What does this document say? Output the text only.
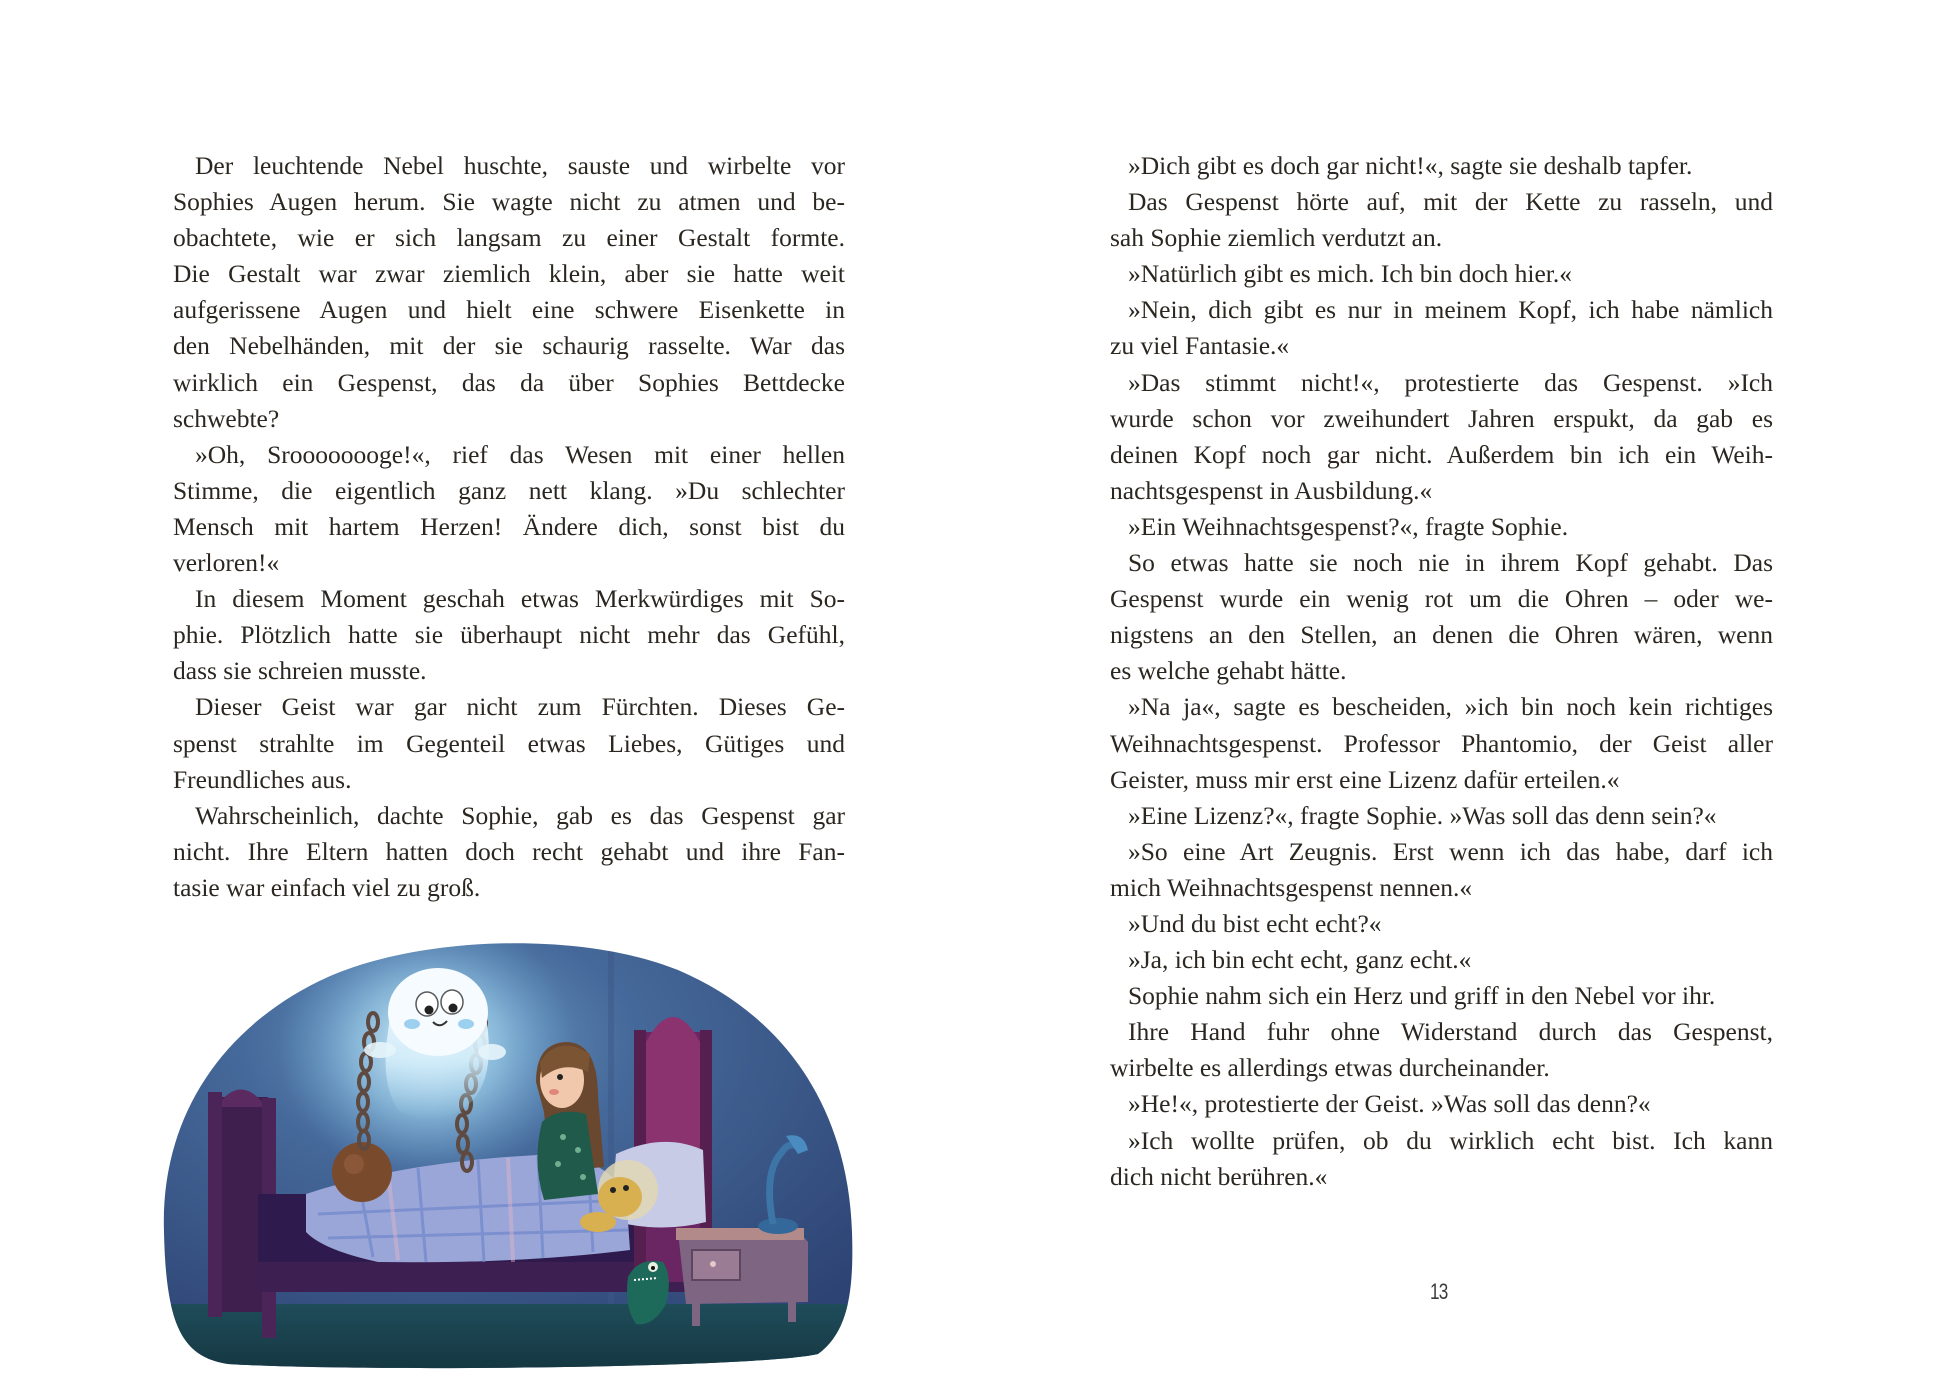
Der leuchtende Nebel huschte, sauste und wirbelte vor
Sophies Augen herum. Sie wagte nicht zu atmen und be-
obachtete, wie er sich langsam zu einer Gestalt formte.
Die Gestalt war zwar ziemlich klein, aber sie hatte weit
aufgerissene Augen und hielt eine schwere Eisenkette in
den Nebelhänden, mit der sie schaurig rasselte. War das
wirklich ein Gespenst, das da über Sophies Bettdecke
schwebte?
»Oh, Sroooooooge!«, rief das Wesen mit einer hellen
Stimme, die eigentlich ganz nett klang. »Du schlechter
Mensch mit hartem Herzen! Ändere dich, sonst bist du
verloren!«
In diesem Moment geschah etwas Merkwürdiges mit So-
phie. Plötzlich hatte sie überhaupt nicht mehr das Gefühl,
dass sie schreien musste.
Dieser Geist war gar nicht zum Fürchten. Dieses Ge-
spenst strahlte im Gegenteil etwas Liebes, Gütiges und
Freundliches aus.
Wahrscheinlich, dachte Sophie, gab es das Gespenst gar
nicht. Ihre Eltern hatten doch recht gehabt und ihre Fan-
tasie war einfach viel zu groß.
»Dich gibt es doch gar nicht!«, sagte sie deshalb tapfer.
Das Gespenst hörte auf, mit der Kette zu rasseln, und
sah Sophie ziemlich verdutzt an.
»Natürlich gibt es mich. Ich bin doch hier.«
»Nein, dich gibt es nur in meinem Kopf, ich habe nämlich
zu viel Fantasie.«
»Das stimmt nicht!«, protestierte das Gespenst. »Ich
wurde schon vor zweihundert Jahren erspukt, da gab es
deinen Kopf noch gar nicht. Außerdem bin ich ein Weih-
nachtsgespenst in Ausbildung.«
»Ein Weihnachtsgespenst?«, fragte Sophie.
So etwas hatte sie noch nie in ihrem Kopf gehabt. Das
Gespenst wurde ein wenig rot um die Ohren – oder we-
nigstens an den Stellen, an denen die Ohren wären, wenn
es welche gehabt hätte.
»Na ja«, sagte es bescheiden, »ich bin noch kein richtiges
Weihnachtsgespenst. Professor Phantomio, der Geist aller
Geister, muss mir erst eine Lizenz dafür erteilen.«
»Eine Lizenz?«, fragte Sophie. »Was soll das denn sein?«
»So eine Art Zeugnis. Erst wenn ich das habe, darf ich
mich Weihnachtsgespenst nennen.«
»Und du bist echt echt?«
»Ja, ich bin echt echt, ganz echt.«
Sophie nahm sich ein Herz und griff in den Nebel vor ihr.
Ihre Hand fuhr ohne Widerstand durch das Gespenst,
wirbelte es allerdings etwas durcheinander.
»He!«, protestierte der Geist. »Was soll das denn?«
»Ich wollte prüfen, ob du wirklich echt bist. Ich kann
dich nicht berühren.«
13
